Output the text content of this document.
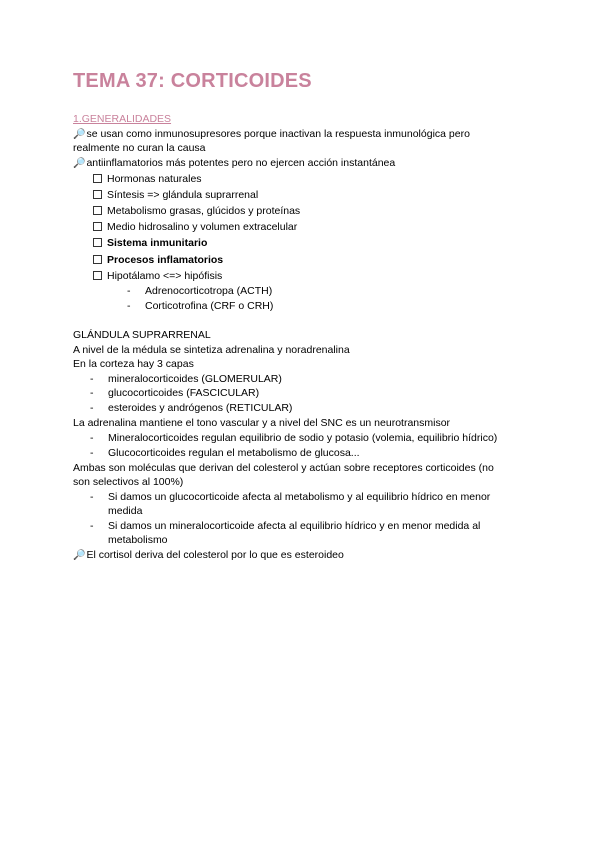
TEMA 37: CORTICOIDES
1.GENERALIDADES
🔎se usan como inmunosupresores porque inactivan la respuesta inmunológica pero
realmente no curan la causa
🔎antiinflamatorios más potentes pero no ejercen acción instantánea
Hormonas naturales
Síntesis => glándula suprarrenal
Metabolismo grasas, glúcidos y proteínas
Medio hidrosalino y volumen extracelular
Sistema inmunitario
Procesos inflamatorios
Hipotálamo <=> hipófisis
- Adrenocorticotropa (ACTH)
- Corticotrofina (CRF o CRH)
GLÁNDULA SUPRARRENAL
A nivel de la médula se sintetiza adrenalina y noradrenalina
En la corteza hay 3 capas
- mineralocorticoides (GLOMERULAR)
- glucocorticoides (FASCICULAR)
- esteroides y andrógenos (RETICULAR)
La adrenalina mantiene el tono vascular y a nivel del SNC es un neurotransmisor
- Mineralocorticoides regulan equilibrio de sodio y potasio (volemia, equilibrio hídrico)
- Glucocorticoides regulan el metabolismo de glucosa...
Ambas son moléculas que derivan del colesterol y actúan sobre receptores corticoides (no
son selectivos al 100%)
- Si damos un glucocorticoide afecta al metabolismo y al equilibrio hídrico en menor
medida
- Si damos un mineralocorticoide afecta al equilibrio hídrico y en menor medida al
metabolismo
🔎El cortisol deriva del colesterol por lo que es esteroideo
